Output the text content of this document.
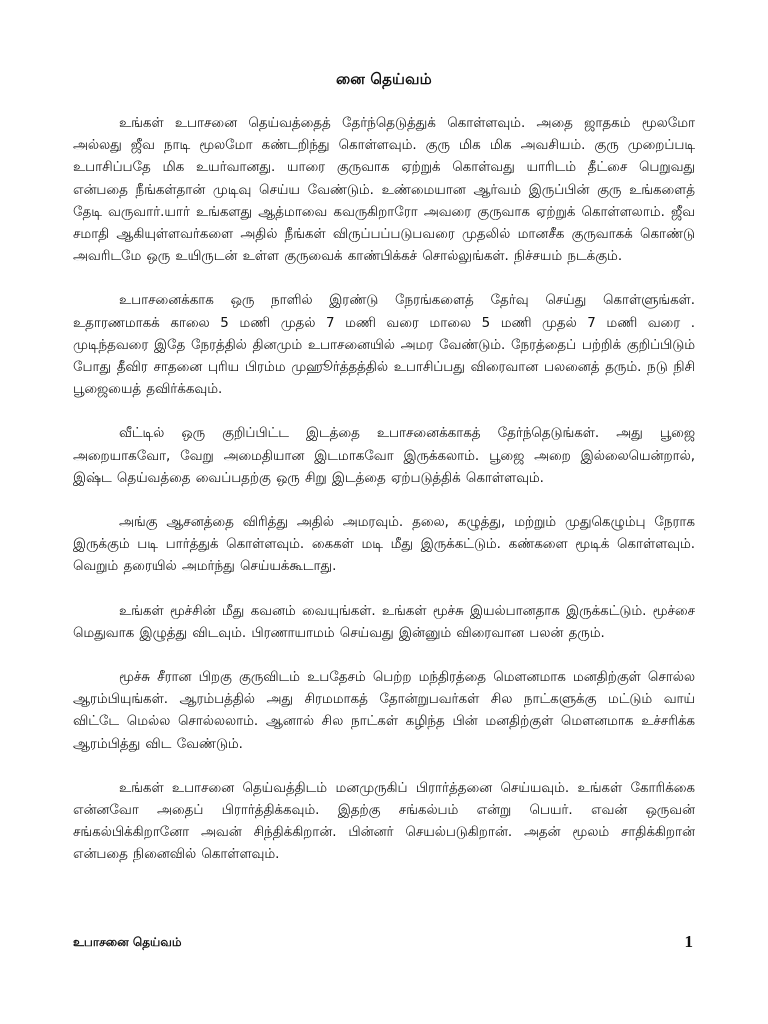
னை தெய்வம்

உங்கள் உபாசனை தெய்வத்தைத் தேர்ந்தெடுத்துக் கொள்ளவும். அதை ஜாதகம் மூலமோ அல்லது ஜீவ நாடி மூலமோ கண்டறிந்து கொள்ளவும். குரு மிக மிக அவசியம். குரு முறைப்படி உபாசிப்பதே மிக உயர்வானது. யாரை குருவாக ஏற்றுக் கொள்வது யாரிடம் தீட்சை பெறுவது என்பதை நீங்கள்தான் முடிவு செய்ய வேண்டும். உண்மையான ஆர்வம் இருப்பின் குரு உங்களைத் தேடி வருவார்.யார் உங்களது ஆத்மாவை கவருகிறாரோ அவரை குருவாக ஏற்றுக் கொள்ளலாம். ஜீவ சமாதி ஆகியுள்ளவர்களை அதில் நீங்கள் விருப்பப்படுபவரை முதலில் மானசீக குருவாகக் கொண்டு அவரிடமே ஒரு உயிருடன் உள்ள குருவைக் காண்பிக்கச் சொல்லுங்கள். நிச்சயம் நடக்கும்.

உபாசனைக்காக ஒரு நாளில் இரண்டு நேரங்களைத் தேர்வு செய்து கொள்ளுங்கள். உதாரணமாகக் காலை 5 மணி முதல் 7 மணி வரை மாலை 5 மணி முதல் 7 மணி வரை . முடிந்தவரை இதே நேரத்தில் தினமும் உபாசனையில் அமர வேண்டும். நேரத்தைப் பற்றிக் குறிப்பிடும் போது தீவிர சாதனை புரிய பிரம்ம முஹூர்த்தத்தில் உபாசிப்பது விரைவான பலனைத் தரும். நடு நிசி பூஜையைத் தவிர்க்கவும்.

வீட்டில் ஒரு குறிப்பிட்ட இடத்தை உபாசனைக்காகத் தேர்ந்தெடுங்கள். அது பூஜை அறையாகவோ, வேறு அமைதியான இடமாகவோ இருக்கலாம். பூஜை அறை இல்லையென்றால், இஷ்ட தெய்வத்தை வைப்பதற்கு ஒரு சிறு இடத்தை ஏற்படுத்திக் கொள்ளவும்.

அங்கு ஆசனத்தை விரித்து அதில் அமரவும். தலை, கழுத்து, மற்றும் முதுகெழும்பு நேராக இருக்கும் படி பார்த்துக் கொள்ளவும். கைகள் மடி மீது இருக்கட்டும். கண்களை மூடிக் கொள்ளவும். வெறும் தரையில் அமர்ந்து செய்யக்கூடாது.

உங்கள் மூச்சின் மீது கவனம் வையுங்கள். உங்கள் மூச்சு இயல்பானதாக இருக்கட்டும். மூச்சை மெதுவாக இழுத்து விடவும். பிரணாயாமம் செய்வது இன்னும் விரைவான பலன் தரும்.

மூச்சு சீரான பிறகு குருவிடம் உபதேசம் பெற்ற மந்திரத்தை மௌனமாக மனதிற்குள் சொல்ல ஆரம்பியுங்கள். ஆரம்பத்தில் அது சிரமமாகத் தோன்றுபவர்கள் சில நாட்களுக்கு மட்டும் வாய் விட்டே மெல்ல சொல்லலாம். ஆனால் சில நாட்கள் கழிந்த பின் மனதிற்குள் மௌனமாக உச்சரிக்க ஆரம்பித்து விட வேண்டும்.

உங்கள் உபாசனை தெய்வத்திடம் மனமுருகிப் பிரார்த்தனை செய்யவும். உங்கள் கோரிக்கை என்னவோ அதைப் பிரார்த்திக்கவும். இதற்கு சங்கல்பம் என்று பெயர். எவன் ஒருவன் சங்கல்பிக்கிறானோ அவன் சிந்திக்கிறான். பின்னர் செயல்படுகிறான். அதன் மூலம் சாதிக்கிறான் என்பதை நினைவில் கொள்ளவும்.

உபாசனை தெய்வம்	1
